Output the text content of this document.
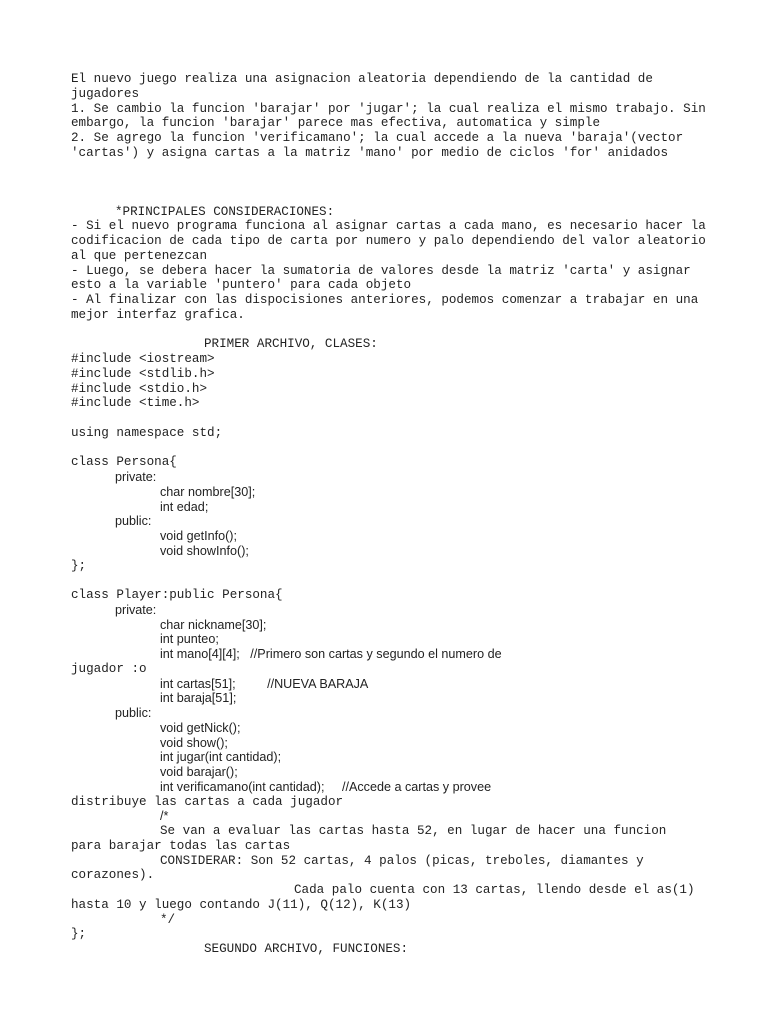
El nuevo juego realiza una asignacion aleatoria dependiendo de la cantidad de jugadores

1. Se cambio la funcion 'barajar' por 'jugar'; la cual realiza el mismo trabajo. Sin embargo, la funcion 'barajar' parece mas efectiva, automatica y simple

2. Se agrego la funcion 'verificamano'; la cual accede a la nueva 'baraja'(vector 'cartas') y asigna cartas a la matriz 'mano' por medio de ciclos 'for' anidados

*PRINCIPALES CONSIDERACIONES:

- Si el nuevo programa funciona al asignar cartas a cada mano, es necesario hacer la codificacion de cada tipo de carta por numero y palo dependiendo del valor aleatorio al que pertenezcan

- Luego, se debera hacer la sumatoria de valores desde la matriz 'carta' y asignar esto a la variable 'puntero' para cada objeto

- Al finalizar con las dispocisiones anteriores, podemos comenzar a trabajar en una mejor interfaz grafica.

PRIMER ARCHIVO, CLASES:
#include <iostream>
#include <stdlib.h>
#include <stdio.h>
#include <time.h>
using namespace std;
class Persona{
private:
char nombre[30];
int edad;
public:
void getInfo();
void showInfo();
};
class Player:public Persona{
private:
char nickname[30];
int punteo;
int mano[4][4];   //Primero son cartas y segundo el numero de
jugador :o
int cartas[51];         //NUEVA BARAJA
int baraja[51];
public:
void getNick();
void show();
int jugar(int cantidad);
void barajar();
int verificamano(int cantidad);     //Accede a cartas y provee
distribuye las cartas a cada jugador
/*
Se van a evaluar las cartas hasta 52, en lugar de hacer una funcion
para barajar todas las cartas
CONSIDERAR: Son 52 cartas, 4 palos (picas, treboles, diamantes y
corazones).
Cada palo cuenta con 13 cartas, llendo desde el as(1)
hasta 10 y luego contando J(11), Q(12), K(13)
*/
};
SEGUNDO ARCHIVO, FUNCIONES:
